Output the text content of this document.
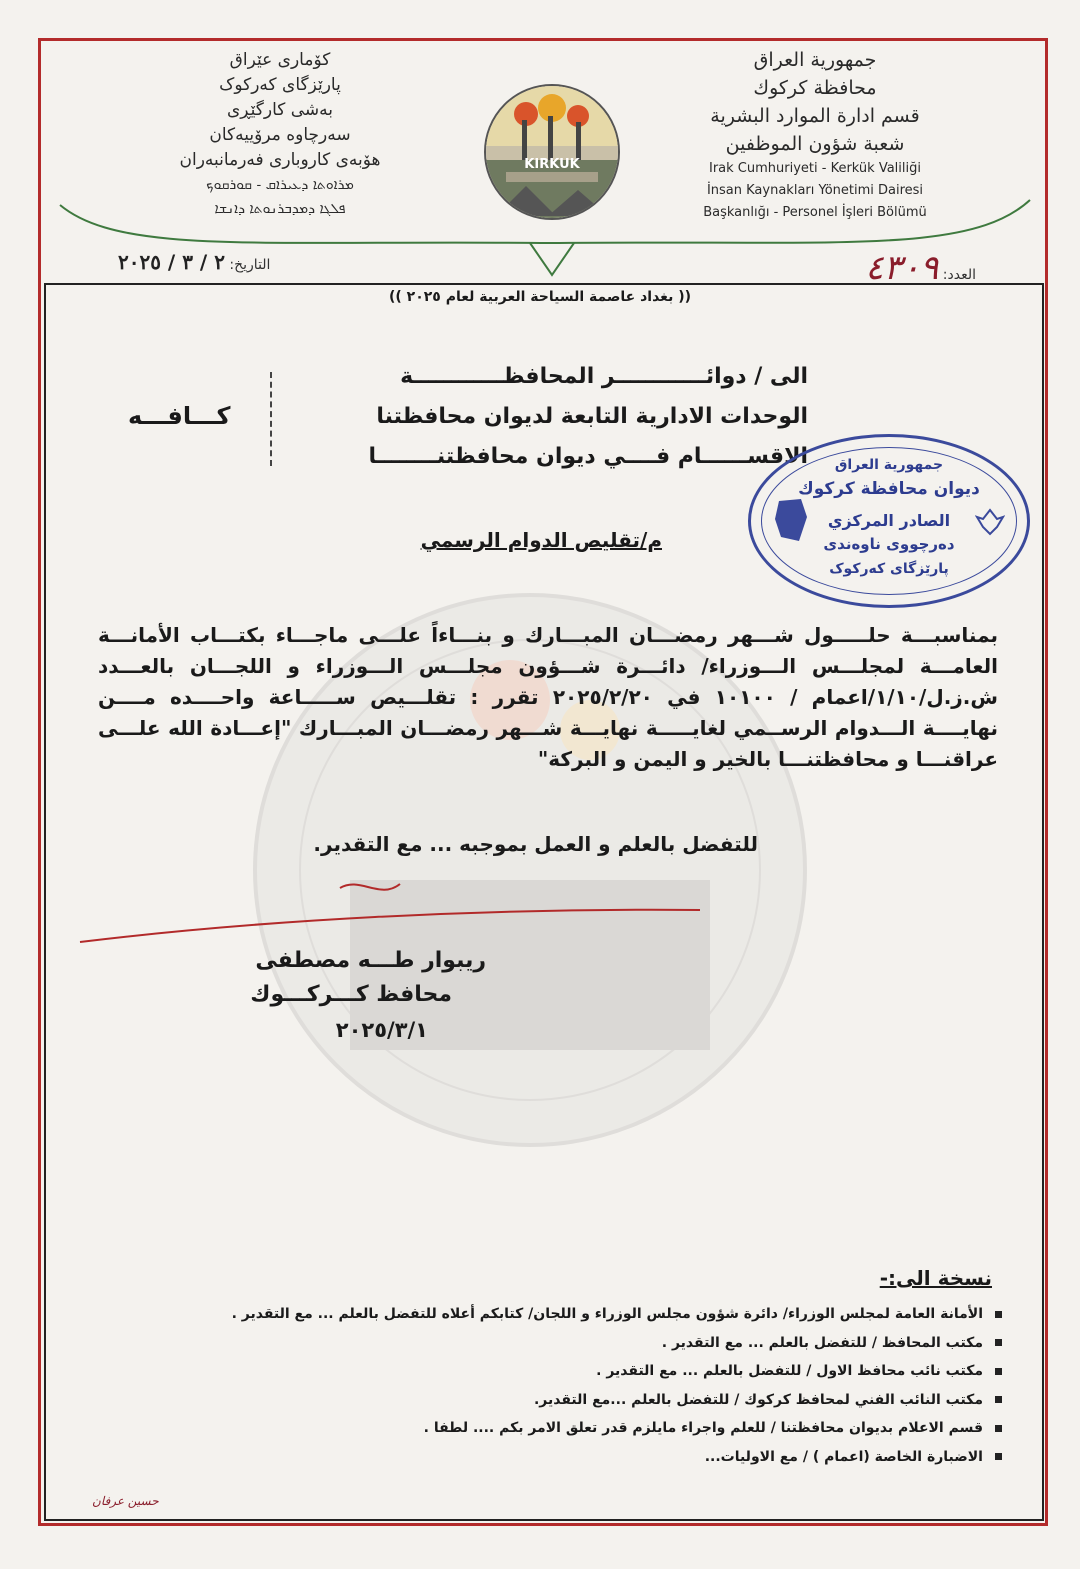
جمهورية العراق
محافظة كركوك
قسم ادارة الموارد البشرية
شعبة شؤون الموظفين
Irak Cumhuriyeti - Kerkük Valiliği
İnsan Kaynakları Yönetimi Dairesi
Başkanlığı - Personel İşleri Bölümü
کۆماری عێراق
پارێزگای کەرکوک
بەشی کارگێڕی
سەرچاوە مرۆییەکان
هۆبەی کاروباری فەرمانبەران
ܡܪܐܘܬܐ ܕܥܝܪܐܩ - ܩܘܪܩܘܟ
ܦܠܓܐ ܕܡܕܒܪܢܘܬܐ ܕܐܢܫܐ
KIRKUK
العدد: ٤٣٠٩
التاريخ: ٢ / ٣ / ٢٠٢٥
(( بغداد عاصمة السياحة العربية لعام ٢٠٢٥ ))
الى / دوائــــــــــــر المحافظــــــــــــة
الوحدات الادارية التابعة لديوان محافظتنا
الاقســــــام فــــي ديوان محافظتنــــــــا
كـــافـــه
جمهورية العراق
ديوان محافظة كركوك
الصادر المركزي
دەرچووی ناوەندی
پارێزگای کەرکوک
م/تقليص الدوام الرسمي
بمناسبـــة حلـــــول شـــهر رمضـــان المبـــارك و بنـــاءاً علـــى ماجـــاء بكتـــاب الأمانـــة العامـــة لمجلـــس الـــوزراء/ دائـــرة شـــؤون مجلـــس الـــوزراء و اللجـــان بالعـــدد ش.ز.ل/١/١٠/اعمام / ١٠١٠٠ في ٢٠٢٥/٢/٢٠ تقرر : تقلـــيص ســـــاعة واحــــده مــــن نهايــــة الـــدوام الرســمي لغايـــــة نهايـــة شـــهر رمضـــان المبـــارك "إعـــادة الله علـــى عراقنـــا و محافظتنـــا بالخير و اليمن و البركة"
للتفضل بالعلم و العمل بموجبه ... مع التقدير.
ريبوار طـــه مصطفى
محافظ كـــركـــوك
٢٠٢٥/٣/١
نسخة الى:-
الأمانة العامة لمجلس الوزراء/ دائرة شؤون مجلس الوزراء و اللجان/ كتابكم أعلاه للتفضل بالعلم ... مع التقدير .
مكتب المحافظ / للتفضل بالعلم ... مع التقدير .
مكتب نائب محافظ الاول / للتفضل بالعلم ... مع التقدير .
مكتب النائب الفني لمحافظ كركوك / للتفضل بالعلم ...مع التقدير.
قسم الاعلام بديوان محافظتنا / للعلم واجراء مايلزم قدر تعلق الامر بكم .... لطفا .
الاضبارة الخاصة (اعمام ) / مع الاوليات...
حسين عرفان
